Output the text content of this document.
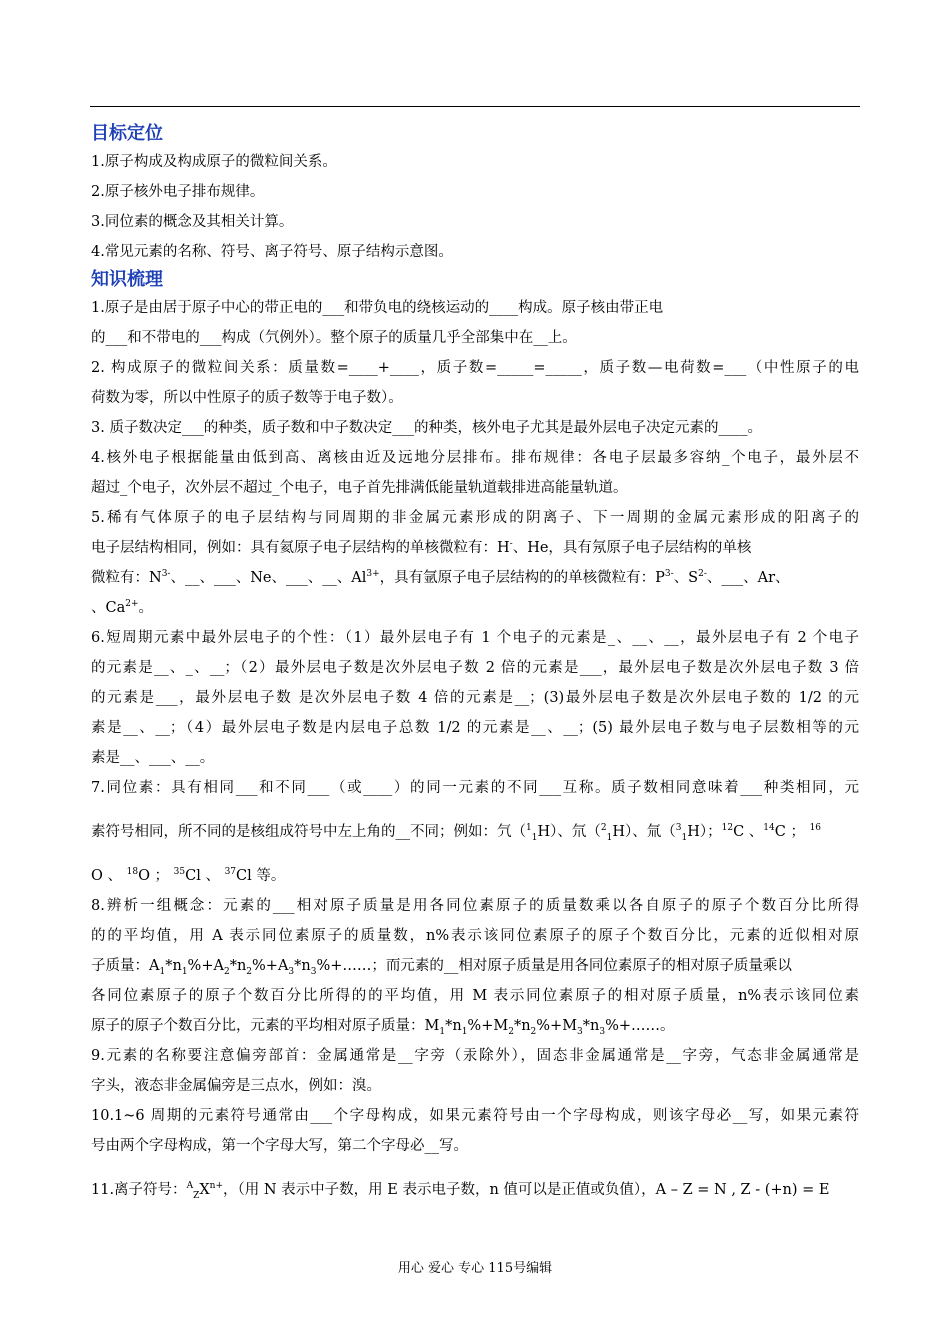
目标定位

1.原子构成及构成原子的微粒间关系。

2.原子核外电子排布规律。

3.同位素的概念及其相关计算。

4.常见元素的名称、符号、离子符号、原子结构示意图。

知识梳理

1.原子是由居于原子中心的带正电的___和带负电的绕核运动的____构成。原子核由带正电

的___和不带电的___构成（氕例外）。整个原子的质量几乎全部集中在__上。

2. 构成原子的微粒间关系：质量数=____+____，质子数=_____=_____，质子数—电荷数=___（中性原子的电

荷数为零，所以中性原子的质子数等于电子数）。

3. 质子数决定___的种类，质子数和中子数决定___的种类，核外电子尤其是最外层电子决定元素的____。

4.核外电子根据能量由低到高、离核由近及远地分层排布。排布规律：各电子层最多容纳_个电子，最外层不

超过_个电子，次外层不超过_个电子，电子首先排满低能量轨道载排进高能量轨道。

5.稀有气体原子的电子层结构与同周期的非金属元素形成的阴离子、下一周期的金属元素形成的阳离子的

电子层结构相同，例如：具有氦原子电子层结构的单核微粒有：H-、He，具有氖原子电子层结构的单核

微粒有：$N^{3-}$、__、___、Ne、___、__、$Al^{3+}$，具有氩原子电子层结构的的单核微粒有：$P^{3-}$、$S^{2-}$、___、Ar、

、$Ca^{2+}$。

6.短周期元素中最外层电子的个性：（1）最外层电子有 1 个电子的元素是_、__、__，最外层电子有 2 个电子

的元素是__、_、__；（2）最外层电子数是次外层电子数 2 倍的元素是___，最外层电子数是次外层电子数 3 倍

的元素是___，最外层电子数 是次外层电子数 4 倍的元素是__；(3)最外层电子数是次外层电子数的 1/2 的元

素是__、__；（4）最外层电子数是内层电子总数 1/2 的元素是__、__；(5) 最外层电子数与电子层数相等的元

素是__、___、__。

7.同位素：具有相同___和不同___（或____）的同一元素的不同___互称。质子数相同意味着___种类相同，元

素符号相同，所不同的是核组成符号中左上角的__不同；例如：氕（$^1_1$H）、氘（$^2_1$H）、氚（$^3_1$H）；$^{12}$C 、$^{14}$C ； $^{16}$

O 、 $^{18}$O ； $^{35}$Cl 、 $^{37}$Cl 等。

8.辨析一组概念：元素的___相对原子质量是用各同位素原子的质量数乘以各自原子的原子个数百分比所得

的的平均值，用 A 表示同位素原子的质量数，n%表示该同位素原子的原子个数百分比，元素的近似相对原

子质量：$A_1*n_1\%+A_2*n_2\%+A_3*n_3\%+\dots\dots$；而元素的__相对原子质量是用各同位素原子的相对原子质量乘以

各同位素原子的原子个数百分比所得的的平均值，用 M 表示同位素原子的相对原子质量，n%表示该同位素

原子的原子个数百分比，元素的平均相对原子质量：$M_1*n_1\%+M_2*n_2\%+M_3*n_3\%+\dots\dots$。

9.元素的名称要注意偏旁部首：金属通常是__字旁（汞除外），固态非金属通常是__字旁，气态非金属通常是

字头，液态非金属偏旁是三点水，例如：溴。

10.1~6 周期的元素符号通常由___个字母构成，如果元素符号由一个字母构成，则该字母必__写，如果元素符

号由两个字母构成，第一个字母大写，第二个字母必__写。

11.离子符号：$^A_ZX^{n+}$，（用 N 表示中子数，用 E 表示电子数，n 值可以是正值或负值），A – Z = N , Z - (+n) = E

用心 爱心 专心 115号编辑
